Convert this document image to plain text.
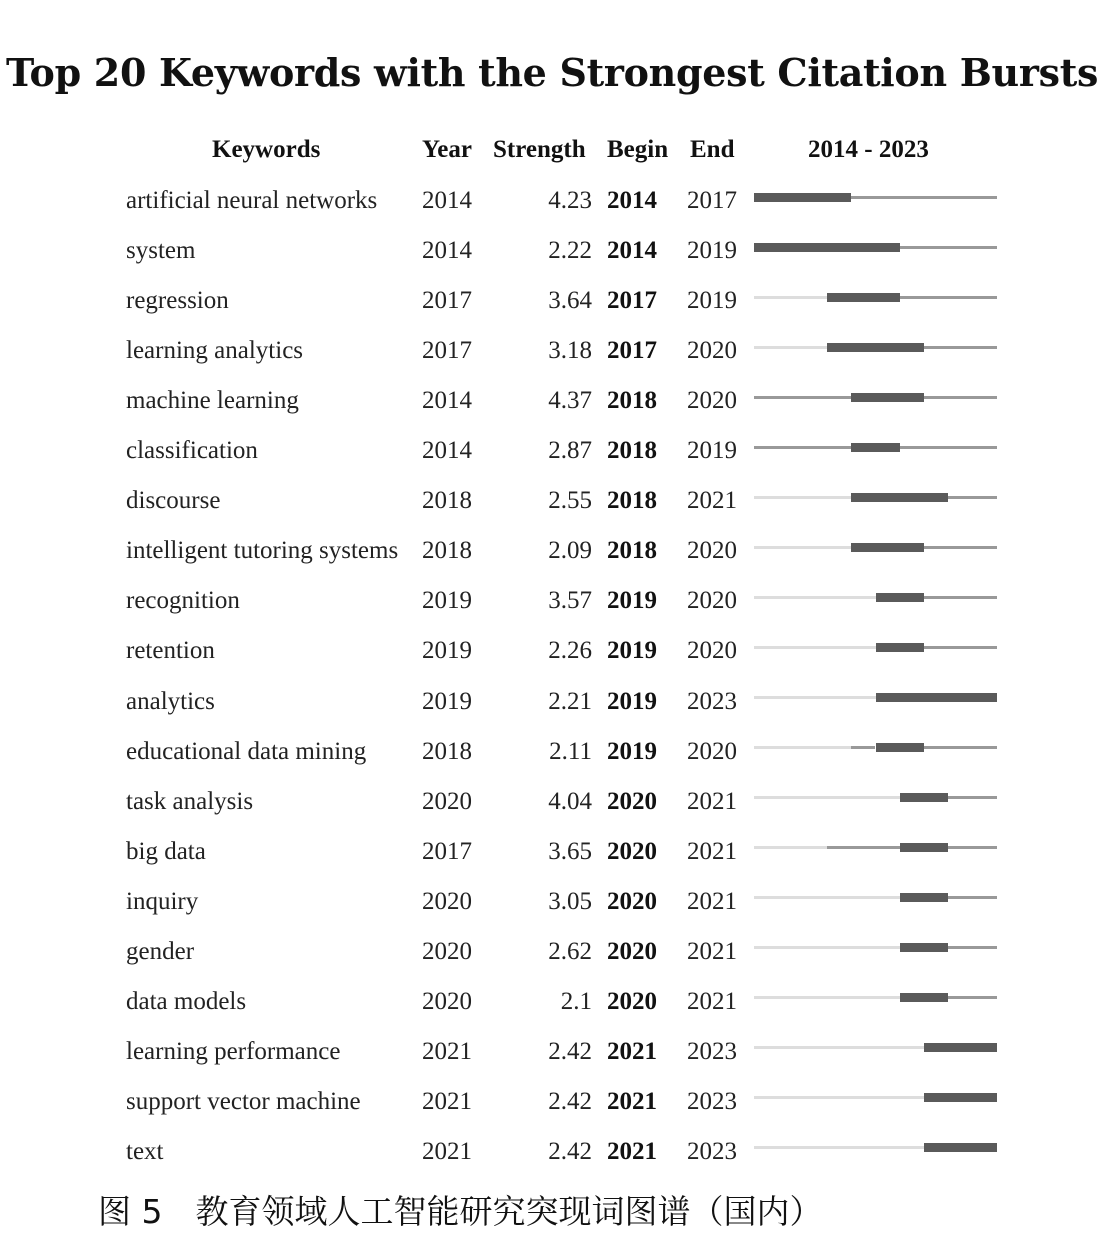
Top 20 Keywords with the Strongest Citation Bursts
Keywords	Year Strength Begin End	2014 - 2023
artificial neural networks 2014	4.23 2014 2017
system	2014	2.22 2014 2019
regression	2017	3.64 2017 2019
learning analytics	2017	3.18 2017 2020
machine learning	2014	4.37 2018 2020
classification	2014	2.87 2018 2019
discourse	2018	2.55 2018 2021
intelligent tutoring systems 2018	2.09 2018 2020
recognition	2019	3.57 2019 2020
retention	2019	2.26 2019 2020
analytics	2019	2.21 2019 2023
educational data mining 2018	2.11 2019 2020
task analysis	2020	4.04 2020 2021
big data	2017	3.65 2020 2021
inquiry	2020	3.05 2020 2021
gender	2020	2.62 2020 2021
data models	2020	2.1 2020 2021
learning performance	2021	2.42 2021 2023
support vector machine 2021	2.42 2021 2023
text	2021	2.42 2021 2023
图 5　教育领域人工智能研究突现词图谱（国内）
